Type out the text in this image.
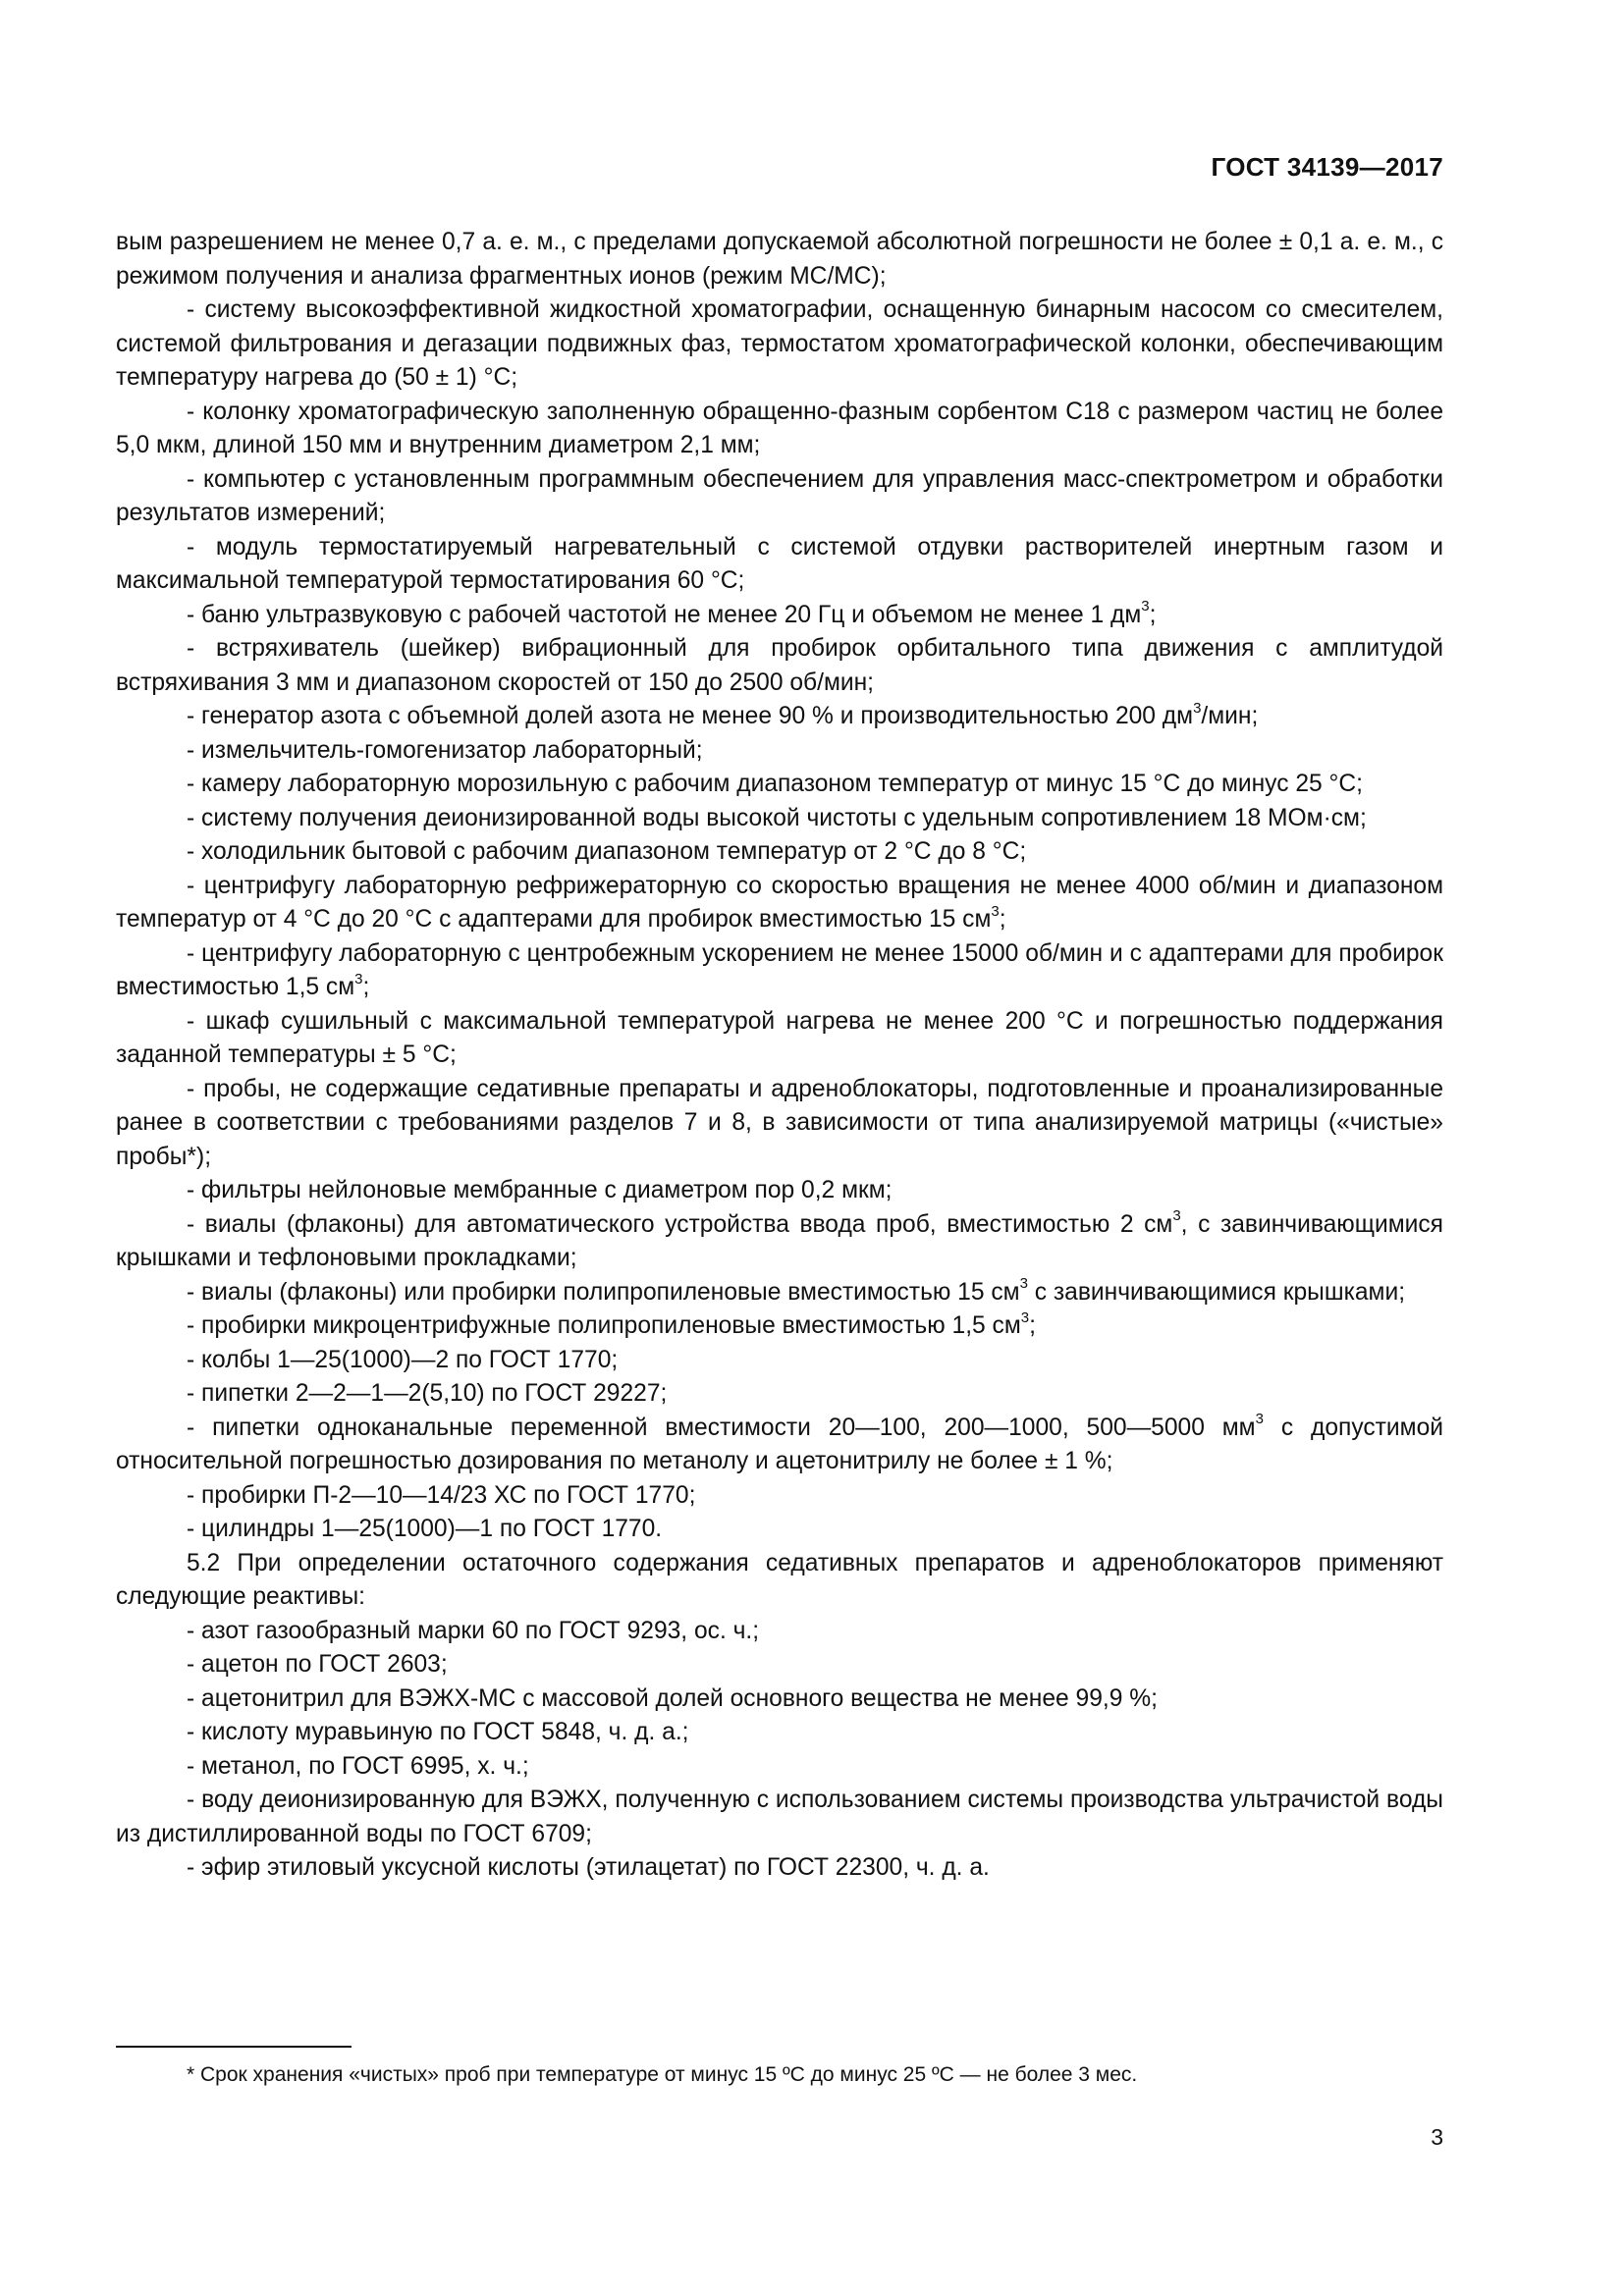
ГОСТ 34139—2017

вым разрешением не менее 0,7 а. е. м., с пределами допускаемой абсолютной погрешности не более ± 0,1 а. е. м., с режимом получения и анализа фрагментных ионов (режим МС/МС);

- систему высокоэффективной жидкостной хроматографии, оснащенную бинарным насосом со смесителем, системой фильтрования и дегазации подвижных фаз, термостатом хроматографической колонки, обеспечивающим температуру нагрева до (50 ± 1) °С;

- колонку хроматографическую заполненную обращенно-фазным сорбентом С18 с размером частиц не более 5,0 мкм, длиной 150 мм и внутренним диаметром 2,1 мм;

- компьютер с установленным программным обеспечением для управления масс-спектрометром и обработки результатов измерений;

- модуль термостатируемый нагревательный с системой отдувки растворителей инертным газом и максимальной температурой термостатирования 60 °С;

- баню ультразвуковую с рабочей частотой не менее 20 Гц и объемом не менее 1 $дм^3$;

- встряхиватель (шейкер) вибрационный для пробирок орбитального типа движения с амплитудой встряхивания 3 мм и диапазоном скоростей от 150 до 2500 об/мин;

- генератор азота с объемной долей азота не менее 90 % и производительностью 200 $дм^3$/мин;

- измельчитель-гомогенизатор лабораторный;

- камеру лабораторную морозильную с рабочим диапазоном температур от минус 15 °С до минус 25 °С;

- систему получения деионизированной воды высокой чистоты с удельным сопротивлением 18 МОм·см;

- холодильник бытовой с рабочим диапазоном температур от 2 °С до 8 °С;

- центрифугу лабораторную рефрижераторную со скоростью вращения не менее 4000 об/мин и диапазоном температур от 4 °С до 20 °С с адаптерами для пробирок вместимостью 15 $см^3$;

- центрифугу лабораторную с центробежным ускорением не менее 15000 об/мин и с адаптерами для пробирок вместимостью 1,5 $см^3$;

- шкаф сушильный с максимальной температурой нагрева не менее 200 °С и погрешностью поддержания заданной температуры ± 5 °С;

- пробы, не содержащие седативные препараты и адреноблокаторы, подготовленные и проанализированные ранее в соответствии с требованиями разделов 7 и 8, в зависимости от типа анализируемой матрицы («чистые» пробы*);

- фильтры нейлоновые мембранные с диаметром пор 0,2 мкм;

- виалы (флаконы) для автоматического устройства ввода проб, вместимостью 2 $см^3$, с завинчивающимися крышками и тефлоновыми прокладками;

- виалы (флаконы) или пробирки полипропиленовые вместимостью 15 $см^3$ с завинчивающимися крышками;

- пробирки микроцентрифужные полипропиленовые вместимостью 1,5 $см^3$;

- колбы 1—25(1000)—2 по ГОСТ 1770;

- пипетки 2—2—1—2(5,10) по ГОСТ 29227;

- пипетки одноканальные переменной вместимости 20—100, 200—1000, 500—5000 $мм^3$ с допустимой относительной погрешностью дозирования по метанолу и ацетонитрилу не более ± 1 %;

- пробирки П-2—10—14/23 ХС по ГОСТ 1770;

- цилиндры 1—25(1000)—1 по ГОСТ 1770.

5.2 При определении остаточного содержания седативных препаратов и адреноблокаторов применяют следующие реактивы:

- азот газообразный марки 60 по ГОСТ 9293, ос. ч.;

- ацетон по ГОСТ 2603;

- ацетонитрил для ВЭЖХ-МС с массовой долей основного вещества не менее 99,9 %;

- кислоту муравьиную по ГОСТ 5848, ч. д. а.;

- метанол, по ГОСТ 6995, х. ч.;

- воду деионизированную для ВЭЖХ, полученную с использованием системы производства ультрачистой воды из дистиллированной воды по ГОСТ 6709;

- эфир этиловый уксусной кислоты (этилацетат) по ГОСТ 22300, ч. д. а.

* Срок хранения «чистых» проб при температуре от минус 15 ºС до минус 25 ºС — не более 3 мес.
3
